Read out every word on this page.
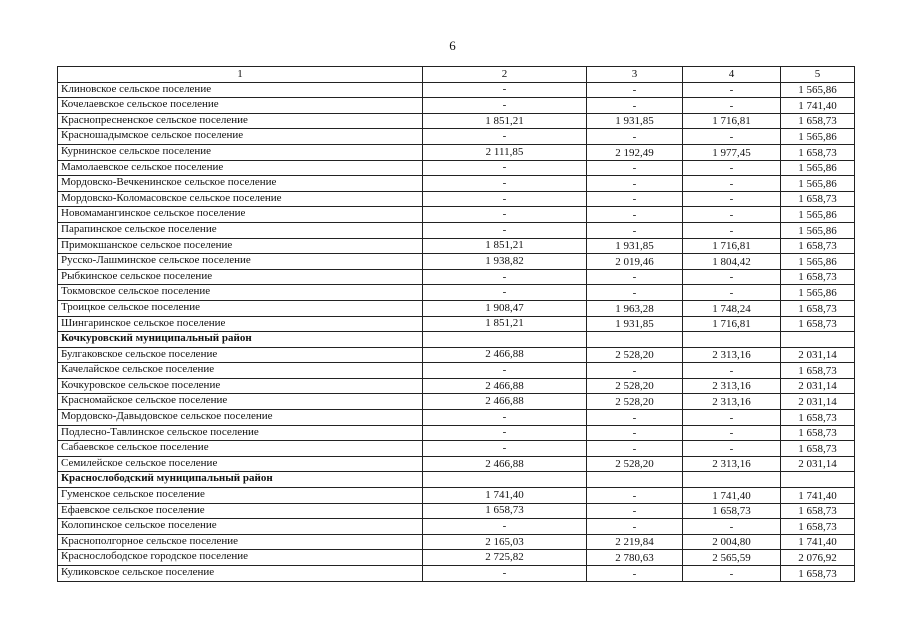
6
1	2	3	4	5
Клиновское сельское поселение	-	-	-	1 565,86
Кочелаевское сельское поселение	-	-	-	1 741,40
Краснопресненское сельское поселение	1 851,21	1 931,85	1 716,81	1 658,73
Красношадымское сельское поселение	-	-	-	1 565,86
Курнинское сельское поселение	2 111,85	2 192,49	1 977,45	1 658,73
Мамолаевское сельское поселение	-	-	-	1 565,86
Мордовско-Вечкенинское сельское поселение	-	-	-	1 565,86
Мордовско-Коломасовское сельское поселение	-	-	-	1 658,73
Новомамангинское сельское поселение	-	-	-	1 565,86
Парапинское сельское поселение	-	-	-	1 565,86
Примокшанское сельское поселение	1 851,21	1 931,85	1 716,81	1 658,73
Русско-Лашминское сельское поселение	1 938,82	2 019,46	1 804,42	1 565,86
Рыбкинское сельское поселение	-	-	-	1 658,73
Токмовское сельское поселение	-	-	-	1 565,86
Троицкое сельское поселение	1 908,47	1 963,28	1 748,24	1 658,73
Шингаринское сельское поселение	1 851,21	1 931,85	1 716,81	1 658,73
Кочкуровский муниципальный район				
Булгаковское сельское поселение	2 466,88	2 528,20	2 313,16	2 031,14
Качелайское сельское поселение	-	-	-	1 658,73
Кочкуровское сельское поселение	2 466,88	2 528,20	2 313,16	2 031,14
Красномайское сельское поселение	2 466,88	2 528,20	2 313,16	2 031,14
Мордовско-Давыдовское сельское поселение	-	-	-	1 658,73
Подлесно-Тавлинское сельское поселение	-	-	-	1 658,73
Сабаевское сельское поселение	-	-	-	1 658,73
Семилейское сельское поселение	2 466,88	2 528,20	2 313,16	2 031,14
Краснослободский муниципальный район				
Гуменское сельское поселение	1 741,40	-	1 741,40	1 741,40
Ефаевское сельское поселение	1 658,73	-	1 658,73	1 658,73
Колопинское сельское поселение	-	-	-	1 658,73
Краснополгорное сельское поселение	2 165,03	2 219,84	2 004,80	1 741,40
Краснослободское городское поселение	2 725,82	2 780,63	2 565,59	2 076,92
Куликовское сельское поселение	-	-	-	1 658,73
